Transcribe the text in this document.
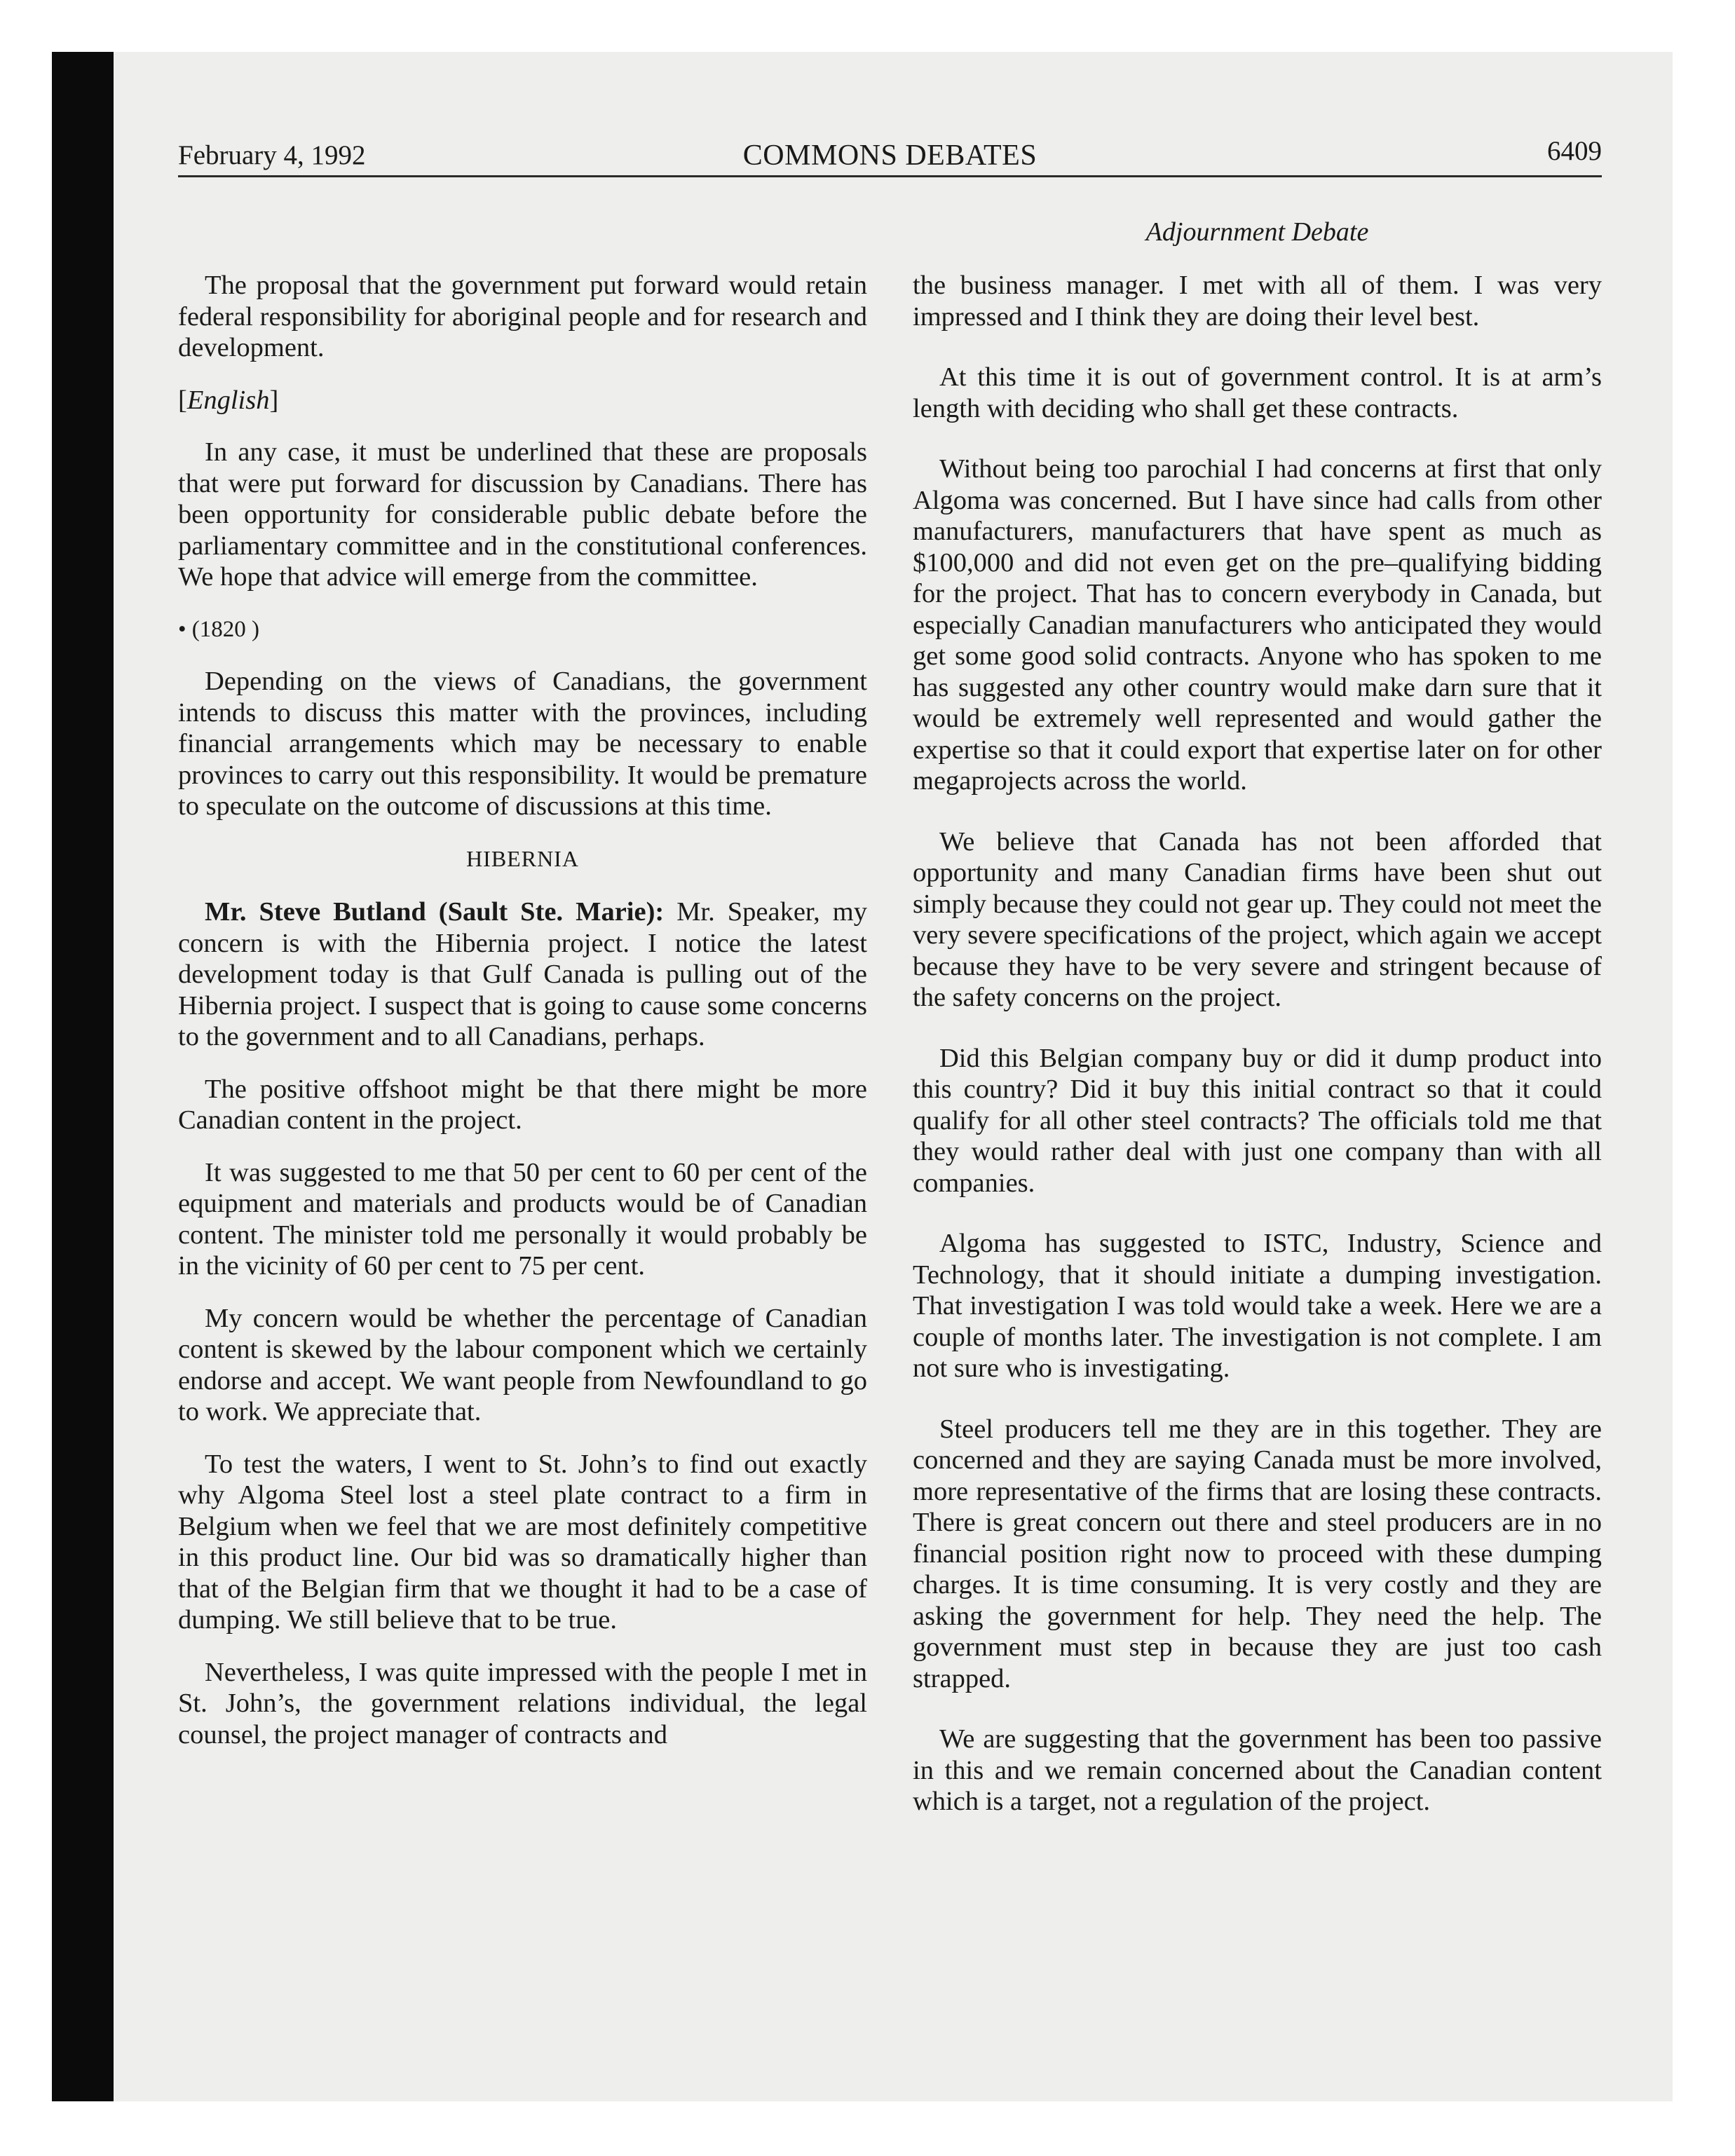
February 4, 1992	COMMONS DEBATES	6409
Adjournment Debate

The proposal that the government put forward would retain federal responsibility for aboriginal people and for research and development.

[English]

In any case, it must be underlined that these are proposals that were put forward for discussion by Canadians. There has been opportunity for considerable public debate before the parliamentary committee and in the constitutional conferences. We hope that advice will emerge from the committee.

• (1820 )

Depending on the views of Canadians, the government intends to discuss this matter with the provinces, including financial arrangements which may be necessary to enable provinces to carry out this responsibility. It would be premature to speculate on the outcome of discussions at this time.

HIBERNIA

Mr. Steve Butland (Sault Ste. Marie): Mr. Speaker, my concern is with the Hibernia project. I notice the latest development today is that Gulf Canada is pulling out of the Hibernia project. I suspect that is going to cause some concerns to the government and to all Canadians, perhaps.

The positive offshoot might be that there might be more Canadian content in the project.

It was suggested to me that 50 per cent to 60 per cent of the equipment and materials and products would be of Canadian content. The minister told me personally it would probably be in the vicinity of 60 per cent to 75 per cent.

My concern would be whether the percentage of Canadian content is skewed by the labour component which we certainly endorse and accept. We want people from Newfoundland to go to work. We appreciate that.

To test the waters, I went to St. John’s to find out exactly why Algoma Steel lost a steel plate contract to a firm in Belgium when we feel that we are most definitely competitive in this product line. Our bid was so dramatically higher than that of the Belgian firm that we thought it had to be a case of dumping. We still believe that to be true.

Nevertheless, I was quite impressed with the people I met in St. John’s, the government relations individual, the legal counsel, the project manager of contracts and

the business manager. I met with all of them. I was very impressed and I think they are doing their level best.

At this time it is out of government control. It is at arm’s length with deciding who shall get these contracts.

Without being too parochial I had concerns at first that only Algoma was concerned. But I have since had calls from other manufacturers, manufacturers that have spent as much as $100,000 and did not even get on the pre–qualifying bidding for the project. That has to concern everybody in Canada, but especially Canadian manufacturers who anticipated they would get some good solid contracts. Anyone who has spoken to me has suggested any other country would make darn sure that it would be extremely well represented and would gather the expertise so that it could export that expertise later on for other megaprojects across the world.

We believe that Canada has not been afforded that opportunity and many Canadian firms have been shut out simply because they could not gear up. They could not meet the very severe specifications of the project, which again we accept because they have to be very severe and stringent because of the safety concerns on the project.

Did this Belgian company buy or did it dump product into this country? Did it buy this initial contract so that it could qualify for all other steel contracts? The officials told me that they would rather deal with just one company than with all companies.

Algoma has suggested to ISTC, Industry, Science and Technology, that it should initiate a dumping investigation. That investigation I was told would take a week. Here we are a couple of months later. The investigation is not complete. I am not sure who is investigating.

Steel producers tell me they are in this together. They are concerned and they are saying Canada must be more involved, more representative of the firms that are losing these contracts. There is great concern out there and steel producers are in no financial position right now to proceed with these dumping charges. It is time consuming. It is very costly and they are asking the government for help. They need the help. The government must step in because they are just too cash strapped.

We are suggesting that the government has been too passive in this and we remain concerned about the Canadian content which is a target, not a regulation of the project.
